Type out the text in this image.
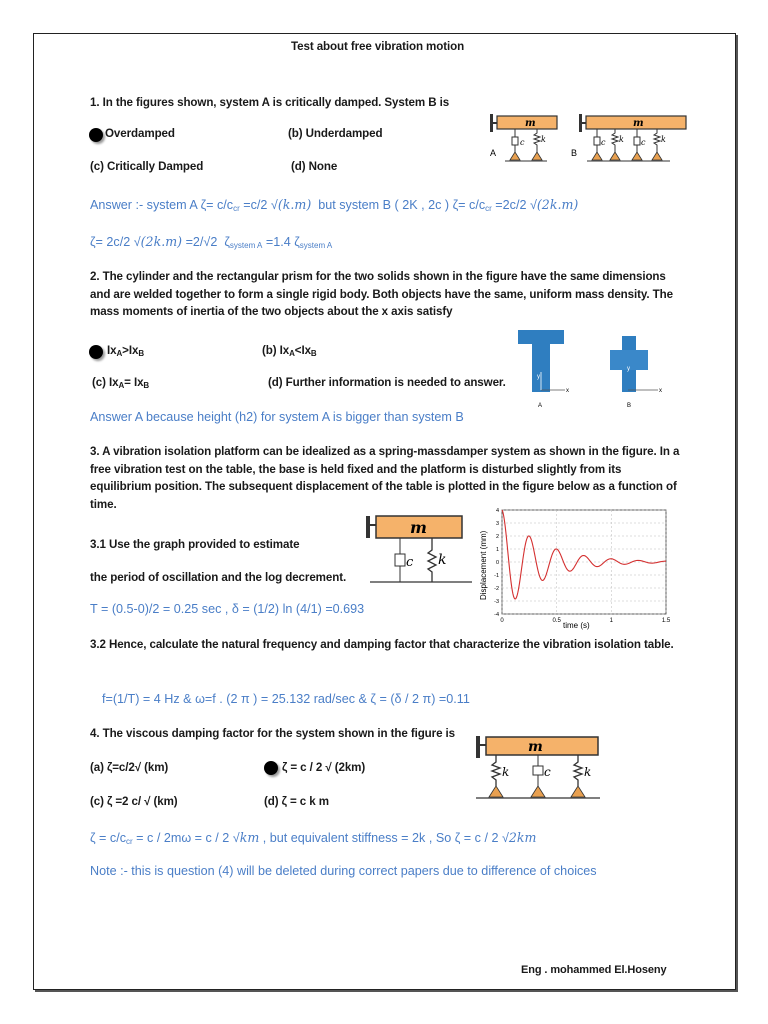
Test about free vibration motion
1. In the figures shown, system A is critically damped. System B is
Overdamped	(b) Underdamped
(c) Critically Damped	(d) None
m
c k
A
m
c k c k
B
Answer :- system A $\zeta= c/c_{cr} =c/2$ √(k.m) but system B ( 2K , 2c ) $\zeta= c/c_{cr} =2c/2$ √(2k.m)
ζ= 2c/2 √(2k.m) =2/√2 $\zeta_{system A} =1.4$ $\zeta_{system A}$
2. The cylinder and the rectangular prism for the two solids shown in the figure have the same dimensions and are welded together to form a single rigid body. Both objects have the same, uniform mass density. The mass moments of inertia of the two objects about the x axis satisfy
$Ix_A>Ix_B$	(b) $Ix_A<Ix_B$
(c) $Ix_A= Ix_B$	(d) Further information is needed to answer.
x
y
A
x
y
B
Answer A because height (h2) for system A is bigger than system B
3. A vibration isolation platform can be idealized as a spring-massdamper system as shown in the figure. In a free vibration test on the table, the base is held fixed and the platform is disturbed slightly from its equilibrium position. The subsequent displacement of the table is plotted in the figure below as a function of time.
3.1 Use the graph provided to estimate
the period of oscillation and the log decrement.
m
c k
4
3
2
1
0
-1
-2
-3
-4
0	0.5	1	1.5
time (s)
Displacement (mm)
T = (0.5-0)/2 = 0.25 sec , δ = (1/2) ln (4/1) =0.693
3.2 Hence, calculate the natural frequency and damping factor that characterize the vibration isolation table.
f=(1/T) = 4 Hz & ω=f . (2 π ) = 25.132 rad/sec & ζ = (δ / 2 π) =0.11
4. The viscous damping factor for the system shown in the figure is
(a) ζ=c/2√ (km)	ζ = c / 2 √ (2km)
(c) ζ =2 c/ √ (km)	(d) ζ = c k m
m
k	c	k
$\zeta = c/c_{cr} = c / 2m\omega = c / 2$ √km , but equivalent stiffness = 2k , So ζ = c / 2 √2km
Note :- this is question (4) will be deleted during correct papers due to difference of choices
Eng . mohammed El.Hoseny
